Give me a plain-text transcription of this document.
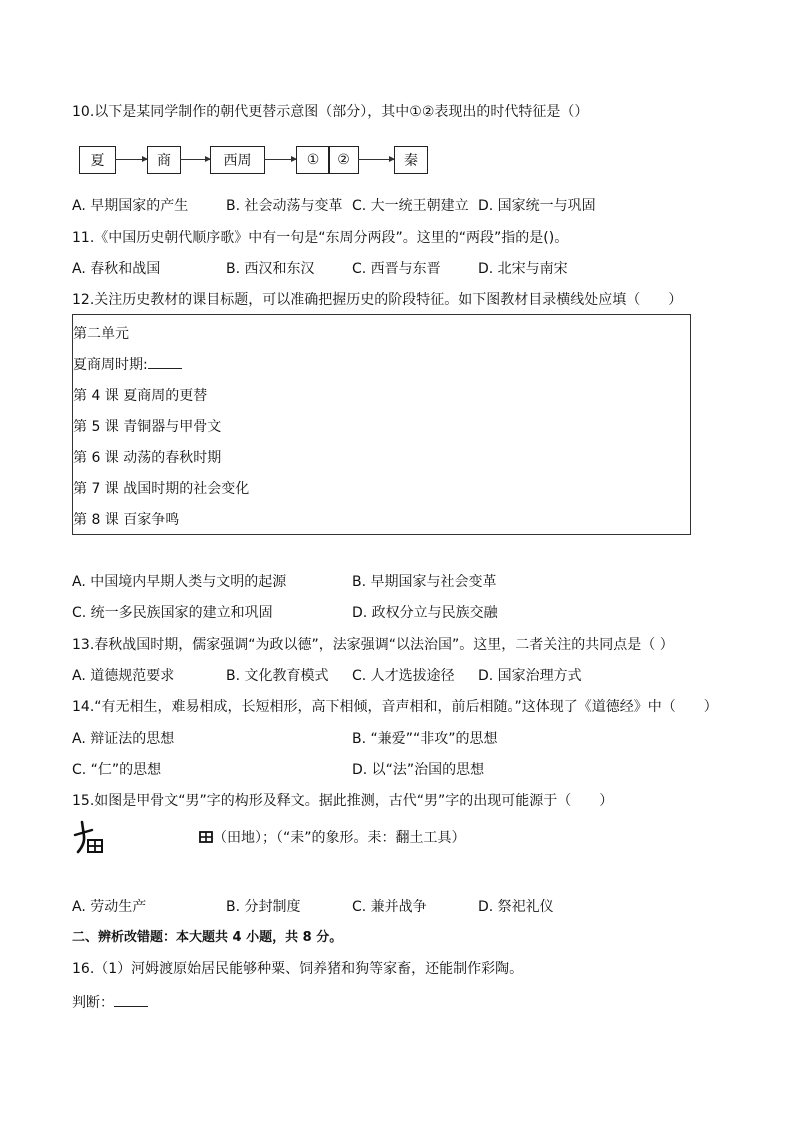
10.以下是某同学制作的朝代更替示意图（部分），其中①②表现出的时代特征是（）
夏	商	西周	①	②	秦
A. 早期国家的产生	B. 社会动荡与变革 C. 大一统王朝建立 D. 国家统一与巩固
11.《中国历史朝代顺序歌》中有一句是“东周分两段”。这里的“两段”指的是()。
A. 春秋和战国	B. 西汉和东汉	C. 西晋与东晋	D. 北宋与南宋
12.关注历史教材的课目标题，可以准确把握历史的阶段特征。如下图教材目录横线处应填（　　）
第二单元
夏商周时期:
第 4 课 夏商周的更替
第 5 课 青铜器与甲骨文
第 6 课 动荡的春秋时期
第 7 课 战国时期的社会变化
第 8 课 百家争鸣
A. 中国境内早期人类与文明的起源	B. 早期国家与社会变革
C. 统一多民族国家的建立和巩固	D. 政权分立与民族交融
13.春秋战国时期，儒家强调“为政以德”，法家强调“以法治国”。这里，二者关注的共同点是（ ）
A. 道德规范要求	B. 文化教育模式 C. 人才选拔途径 D. 国家治理方式
14.“有无相生，难易相成，长短相形，高下相倾，音声相和，前后相随。”这体现了《道德经》中（　　）
A. 辩证法的思想	B. “兼爱”“非攻”的思想
C. “仁”的思想	D. 以“法”治国的思想
15.如图是甲骨文“男”字的构形及释文。据此推测，古代“男”字的出现可能源于（　　）
（田地）；（“耒”的象形。耒：翻土工具）
A. 劳动生产	B. 分封制度	C. 兼并战争	D. 祭祀礼仪
二、辨析改错题：本大题共 4 小题，共 8 分。
16.（1）河姆渡原始居民能够种粟、饲养猪和狗等家畜，还能制作彩陶。
判断：
